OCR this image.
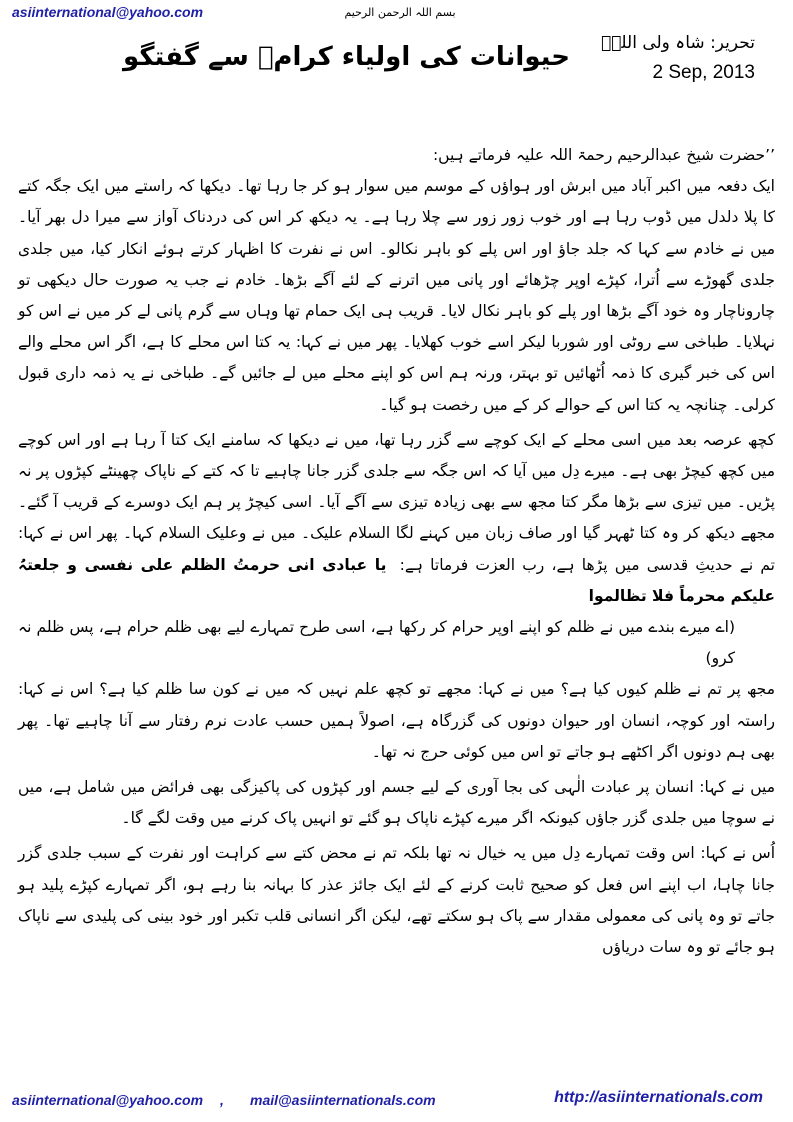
asiinternational@yahoo.com	بسم اللہ الرحمن الرحیم
حیوانات کی اولیاء کرامؒ سے گفتگو تحریر: شاہ ولی اللہؒ
2 Sep, 2013

’’حضرت شیخ عبدالرحیم رحمۃ اللہ علیہ فرماتے ہیں:

ایک دفعہ میں اکبر آباد میں ابرش اور ہواؤں کے موسم میں سوار ہو کر جا رہا تھا۔ دیکھا کہ راستے میں ایک جگہ کتے کا پلا دلدل میں ڈوب رہا ہے اور خوب زور زور سے چلا رہا ہے۔ یہ دیکھ کر اس کی دردناک آواز سے میرا دل بھر آیا۔ میں نے خادم سے کہا کہ جلد جاؤ اور اس پلے کو باہر نکالو۔ اس نے نفرت کا اظہار کرتے ہوئے انکار کیا، میں جلدی جلدی گھوڑے سے اُترا، کپڑے اوپر چڑھائے اور پانی میں اترنے کے لئے آگے بڑھا۔ خادم نے جب یہ صورت حال دیکھی تو چاروناچار وہ خود آگے بڑھا اور پلے کو باہر نکال لایا۔ قریب ہی ایک حمام تھا وہاں سے گرم پانی لے کر میں نے اس کو نہلایا۔ طباخی سے روٹی اور شوربا لیکر اسے خوب کھلایا۔ پھر میں نے کہا: یہ کتا اس محلے کا ہے، اگر اس محلے والے اس کی خبر گیری کا ذمہ اُٹھائیں تو بہتر، ورنہ ہم اس کو اپنے محلے میں لے جائیں گے۔ طباخی نے یہ ذمہ داری قبول کرلی۔ چنانچہ یہ کتا اس کے حوالے کر کے میں رخصت ہو گیا۔

کچھ عرصہ بعد میں اسی محلے کے ایک کوچے سے گزر رہا تھا، میں نے دیکھا کہ سامنے ایک کتا آ رہا ہے اور اس کوچے میں کچھ کیچڑ بھی ہے۔ میرے دِل میں آیا کہ اس جگہ سے جلدی گزر جانا چاہیے تا کہ کتے کے ناپاک چھینٹے کپڑوں پر نہ پڑیں۔ میں تیزی سے بڑھا مگر کتا مجھ سے بھی زیادہ تیزی سے آگے آیا۔ اسی کیچڑ پر ہم ایک دوسرے کے قریب آ گئے۔ مجھے دیکھ کر وہ کتا ٹھہر گیا اور صاف زبان میں کہنے لگا السلام علیک۔ میں نے وعلیک السلام کہا۔ پھر اس نے کہا: تم نے حدیثِ قدسی میں پڑھا ہے، رب العزت فرماتا ہے: یا عبادی انی حرمتُ الظلم علی نفسی و جلعتہُ علیکم محرماً فلا تظالموا

(اے میرے بندے میں نے ظلم کو اپنے اوپر حرام کر رکھا ہے، اسی طرح تمہارے لیے بھی ظلم حرام ہے، پس ظلم نہ کرو)

مجھ پر تم نے ظلم کیوں کیا ہے؟ میں نے کہا: مجھے تو کچھ علم نہیں کہ میں نے کون سا ظلم کیا ہے؟ اس نے کہا: راستہ اور کوچہ، انسان اور حیوان دونوں کی گزرگاہ ہے، اصولاً ہمیں حسب عادت نرم رفتار سے آنا چاہیے تھا۔ پھر بھی ہم دونوں اگر اکٹھے ہو جاتے تو اس میں کوئی حرج نہ تھا۔

میں نے کہا: انسان پر عبادت الٰہی کی بجا آوری کے لیے جسم اور کپڑوں کی پاکیزگی بھی فرائض میں شامل ہے، میں نے سوچا میں جلدی گزر جاؤں کیونکہ اگر میرے کپڑے ناپاک ہو گئے تو انہیں پاک کرنے میں وقت لگے گا۔

اُس نے کہا: اس وقت تمہارے دِل میں یہ خیال نہ تھا بلکہ تم نے محض کتے سے کراہت اور نفرت کے سبب جلدی گزر جانا چاہا، اب اپنے اس فعل کو صحیح ثابت کرنے کے لئے ایک جائز عذر کا بہانہ بنا رہے ہو، اگر تمہارے کپڑے پلید ہو جاتے تو وہ پانی کی معمولی مقدار سے پاک ہو سکتے تھے، لیکن اگر انسانی قلب تکبر اور خود بینی کی پلیدی سے ناپاک ہو جائے تو وہ سات دریاؤں

asiinternational@yahoo.com , mail@asiinternationals.com	http://asiinternationals.com
